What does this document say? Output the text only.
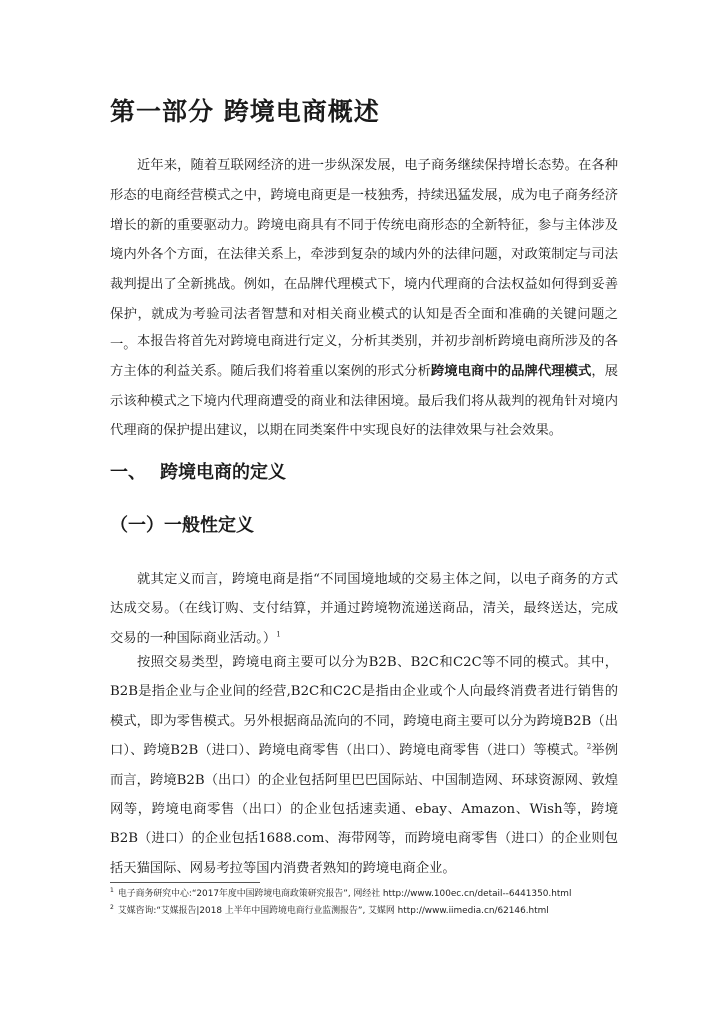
第一部分 跨境电商概述

近年来，随着互联网经济的进一步纵深发展，电子商务继续保持增长态势。在各种形态的电商经营模式之中，跨境电商更是一枝独秀，持续迅猛发展，成为电子商务经济增长的新的重要驱动力。跨境电商具有不同于传统电商形态的全新特征，参与主体涉及境内外各个方面，在法律关系上，牵涉到复杂的域内外的法律问题，对政策制定与司法裁判提出了全新挑战。例如，在品牌代理模式下，境内代理商的合法权益如何得到妥善保护，就成为考验司法者智慧和对相关商业模式的认知是否全面和准确的关键问题之一。 本报告将首先对跨境电商进行定义，分析其类别，并初步剖析跨境电商所涉及的各方主体的利益关系。随后我们将着重以案例的形式分析跨境电商中的品牌代理模式，展示该种模式之下境内代理商遭受的商业和法律困境。最后我们将从裁判的视角针对境内代理商的保护提出建议，以期在同类案件中实现良好的法律效果与社会效果。

一、 跨境电商的定义
（一）一般性定义

就其定义而言，跨境电商是指“不同国境地域的交易主体之间，以电子商务的方式达成交易。（在线订购、支付结算，并通过跨境物流递送商品，清关，最终送达，完成交易的一种国际商业活动。）$^1$

按照交易类型，跨境电商主要可以分为B2B、B2C和C2C等不同的模式。其中，B2B是指企业与企业间的经营,B2C和C2C是指由企业或个人向最终消费者进行销售的模式，即为零售模式。另外根据商品流向的不同，跨境电商主要可以分为跨境B2B（出口）、跨境B2B（进口）、跨境电商零售（出口）、跨境电商零售（进口）等模式。$^2$举例而言，跨境B2B（出口）的企业包括阿里巴巴国际站、中国制造网、环球资源网、敦煌网等，跨境电商零售（出口）的企业包括速卖通、ebay、Amazon、Wish等，跨境B2B（进口）的企业包括1688.com、海带网等，而跨境电商零售（进口）的企业则包括天猫国际、网易考拉等国内消费者熟知的跨境电商企业。

$^1$ 电子商务研究中心:“2017年度中国跨境电商政策研究报告”, 网经社 http://www.100ec.cn/detail--6441350.html

$^2$ 艾媒咨询:“艾媒报告|2018 上半年中国跨境电商行业监测报告”, 艾媒网 http://www.iimedia.cn/62146.html
